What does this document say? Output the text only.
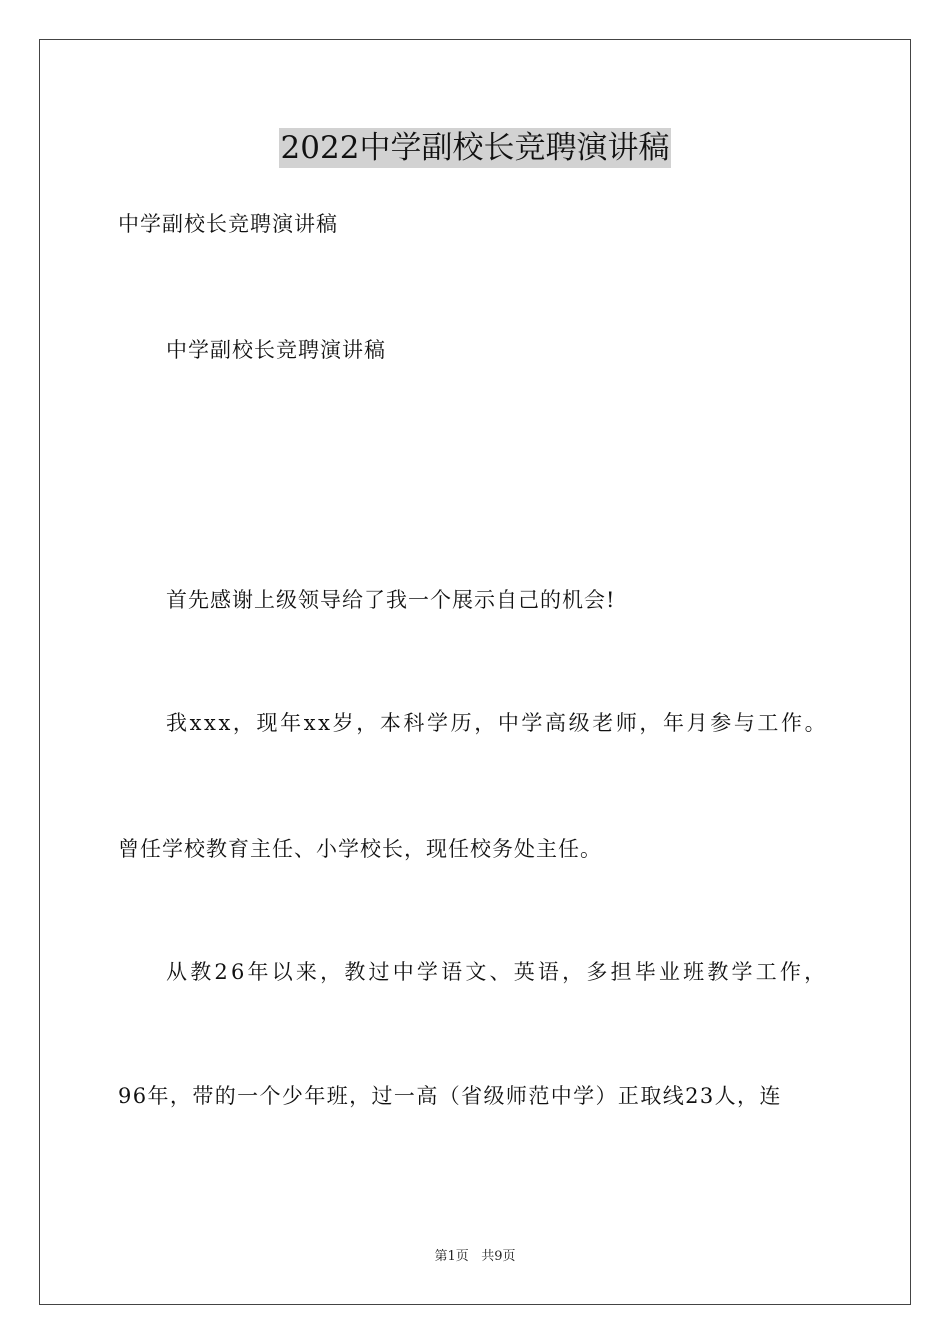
2022中学副校长竞聘演讲稿
中学副校长竞聘演讲稿
中学副校长竞聘演讲稿
首先感谢上级领导给了我一个展示自己的机会!
我xxx，现年xx岁，本科学历，中学高级老师，年月参与工作。
曾任学校教育主任、小学校长，现任校务处主任。
从教26年以来，教过中学语文、英语，多担毕业班教学工作，
96年，带的一个少年班，过一高（省级师范中学）正取线23人，连
第1页 共9页
